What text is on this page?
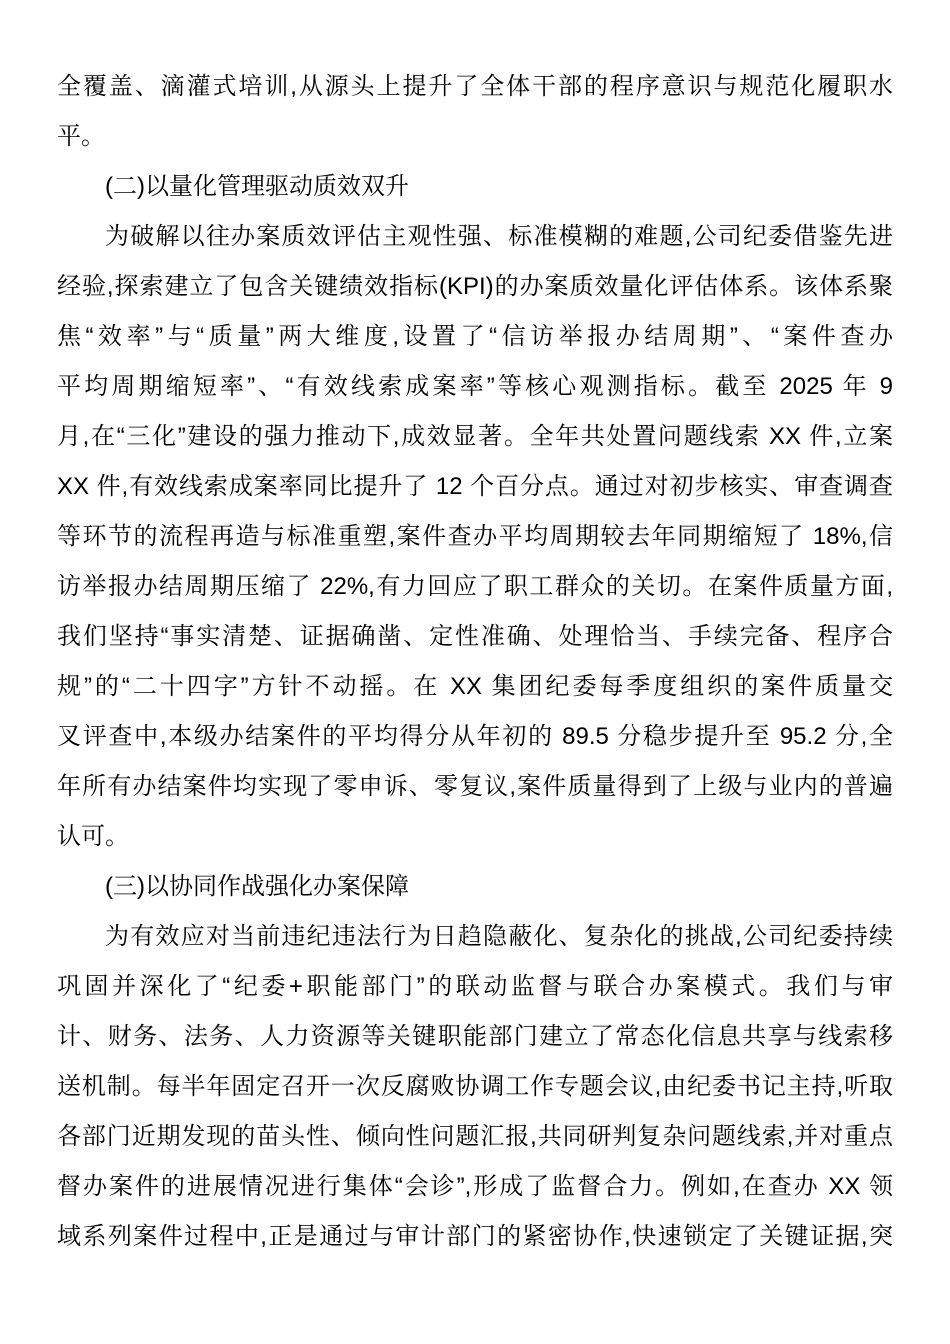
全覆盖、滴灌式培训,从源头上提升了全体干部的程序意识与规范化履职水
平。
(二)以量化管理驱动质效双升
为破解以往办案质效评估主观性强、标准模糊的难题,公司纪委借鉴先进
经验,探索建立了包含关键绩效指标(KPI)的办案质效量化评估体系。该体系聚
焦“效率”与“质量”两大维度,设置了“信访举报办结周期”、“案件查办
平均周期缩短率”、“有效线索成案率”等核心观测指标。截至 2025 年 9
月,在“三化”建设的强力推动下,成效显著。全年共处置问题线索 XX 件,立案
XX 件,有效线索成案率同比提升了 12 个百分点。通过对初步核实、审查调查
等环节的流程再造与标准重塑,案件查办平均周期较去年同期缩短了 18%,信
访举报办结周期压缩了 22%,有力回应了职工群众的关切。在案件质量方面,
我们坚持“事实清楚、证据确凿、定性准确、处理恰当、手续完备、程序合
规”的“二十四字”方针不动摇。在 XX 集团纪委每季度组织的案件质量交
叉评查中,本级办结案件的平均得分从年初的 89.5 分稳步提升至 95.2 分,全
年所有办结案件均实现了零申诉、零复议,案件质量得到了上级与业内的普遍
认可。
(三)以协同作战强化办案保障
为有效应对当前违纪违法行为日趋隐蔽化、复杂化的挑战,公司纪委持续
巩固并深化了“纪委+职能部门”的联动监督与联合办案模式。我们与审
计、财务、法务、人力资源等关键职能部门建立了常态化信息共享与线索移
送机制。每半年固定召开一次反腐败协调工作专题会议,由纪委书记主持,听取
各部门近期发现的苗头性、倾向性问题汇报,共同研判复杂问题线索,并对重点
督办案件的进展情况进行集体“会诊”,形成了监督合力。例如,在查办 XX 领
域系列案件过程中,正是通过与审计部门的紧密协作,快速锁定了关键证据,突
